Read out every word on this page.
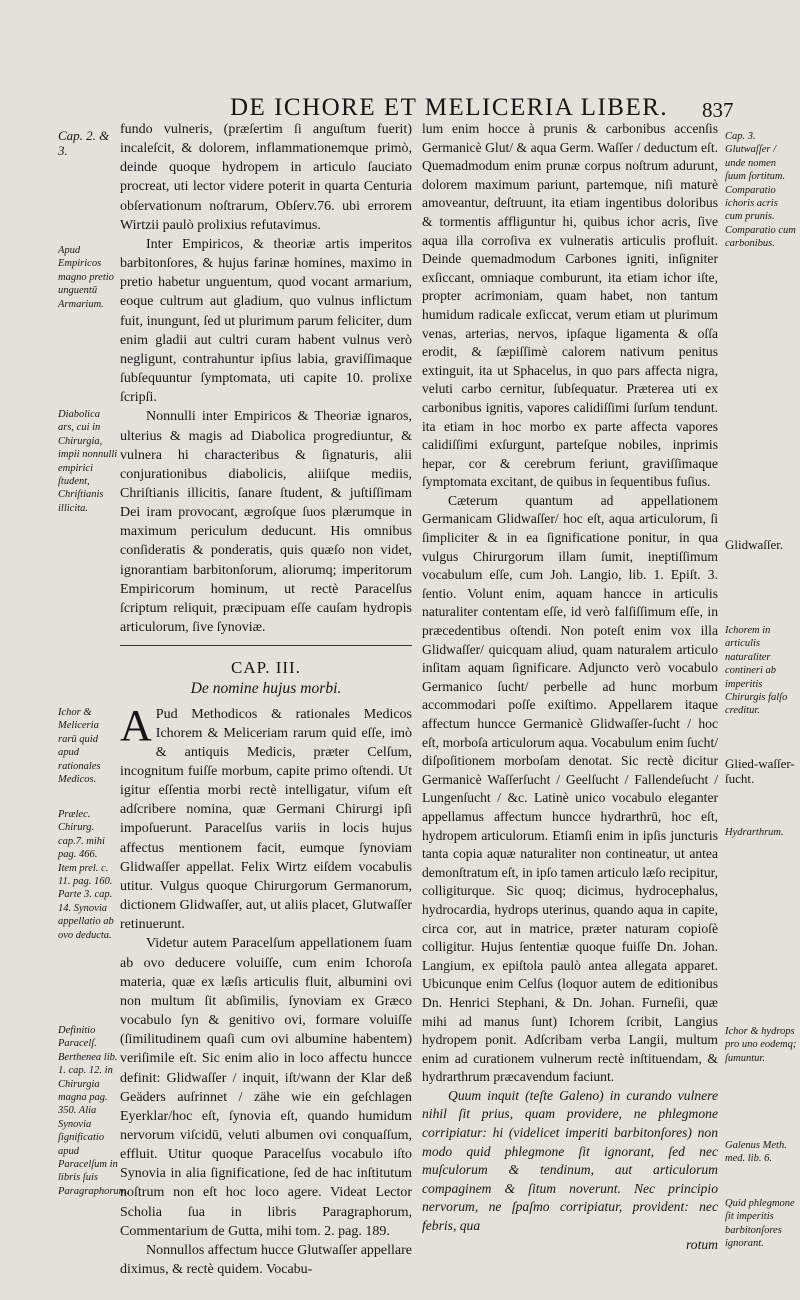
DE ICHORE ET MELICERIA LIBER. 837

fundo vulneris, (præſertim ſi anguſtum fuerit) incaleſcit, & dolorem, inflammationemque primò, deinde quoque hydropem in articulo ſauciato procreat, uti lector videre poterit in quarta Centuria obſervationum noſtrarum, Obſerv.76. ubi errorem Wirtzii paulò prolixius refutavimus.

Inter Empiricos, & theoriæ artis imperitos barbitonſores, & hujus farinæ homines, maximo in pretio habetur unguentum, quod vocant armarium, eoque cultrum aut gladium, quo vulnus inflictum fuit, inungunt, ſed ut plurimum parum feliciter, dum enim gladii aut cultri curam habent vulnus verò negligunt, contrahuntur ipſius labia, graviſſimaque ſubſequuntur ſymptomata, uti capite 10. prolixe ſcripſi.

Nonnulli inter Empiricos & Theoriæ ignaros, ulterius & magis ad Diabolica progrediuntur, & vulnera hi characteribus & ſignaturis, alii conjurationibus diabolicis, aliiſque mediis, Chriſtianis illicitis, ſanare ſtudent, & juſtiſſimam Dei iram provocant, ægroſque ſuos plærumque in maximum periculum deducunt. His omnibus conſideratis & ponderatis, quis quæſo non videt, ignorantiam barbitonſorum, aliorumq; imperitorum Empiricorum hominum, ut rectè Paracelſus ſcriptum reliquit, præcipuam eſſe cauſam hydropis articulorum, ſive ſynoviæ.

CAP. III.
De nomine hujus morbi.

A Pud Methodicos & rationales Medicos Ichorem & Meliceriam rarum quid eſſe, imò & antiquis Medicis, præter Celſum, incognitum fuiſſe morbum, capite primo oſtendi. Ut igitur eſſentia morbi rectè intelligatur, viſum eſt adſcribere nomina, quæ Germani Chirurgi ipſi impoſuerunt. Paracelſus variis in locis hujus affectus mentionem facit, eumque ſynoviam Glidwaſſer appellat. Felix Wirtz eiſdem vocabulis utitur. Vulgus quoque Chirurgorum Germanorum, dictionem Glidwaſſer, aut, ut aliis placet, Glutwaſſer retinuerunt.

Videtur autem Paracelſum appellationem ſuam ab ovo deducere voluiſſe, cum enim Ichoroſa materia, quæ ex læſis articulis fluit, albumini ovi non multum ſit abſimilis, ſynoviam ex Græco vocabulo ſyn & genitivo ovi, formare voluiſſe (ſimilitudinem quaſi cum ovi albumine habentem) veriſimile eſt. Sic enim alio in loco affectu huncce definit: Glidwaſſer / inquit, iſt/wann der Klar deß Geäders auſrinnet / zähe wie ein geſchlagen Eyerklar/hoc eſt, ſynovia eſt, quando humidum nervorum viſcidū, veluti albumen ovi conquaſſum, effluit. Utitur quoque Paracelſus vocabulo iſto Synovia in alia ſignificatione, ſed de hac inſtitutum noſtrum non eſt hoc loco agere. Videat Lector Scholia ſua in libris Paragraphorum, Commentarium de Gutta, mihi tom. 2. pag. 189.

Nonnullos affectum hucce Glutwaſſer appellare diximus, & rectè quidem. Vocabu-

lum enim hocce à prunis & carbonibus accenſis Germanicè Glut/ & aqua Germ. Waſſer / deductum eſt. Quemadmodum enim prunæ corpus noſtrum adurunt, dolorem maximum pariunt, partemque, niſi maturè amoveantur, deſtruunt, ita etiam ingentibus doloribus & tormentis affliguntur hi, quibus ichor acris, ſive aqua illa corroſiva ex vulneratis articulis profluit. Deinde quemadmodum Carbones igniti, inſigniter exſiccant, omniaque comburunt, ita etiam ichor iſte, propter acrimoniam, quam habet, non tantum humidum radicale exſiccat, verum etiam ut plurimum venas, arterias, nervos, ipſaque ligamenta & oſſa erodit, & ſæpiſſimè calorem nativum penitus extinguit, ita ut Sphacelus, in quo pars affecta nigra, veluti carbo cernitur, ſubſequatur. Præterea uti ex carbonibus ignitis, vapores calidiſſimi ſurſum tendunt. ita etiam in hoc morbo ex parte affecta vapores calidiſſimi exſurgunt, parteſque nobiles, inprimis hepar, cor & cerebrum feriunt, graviſſimaque ſymptomata excitant, de quibus in ſequentibus fuſius.

Cæterum quantum ad appellationem Germanicam Glidwaſſer/ hoc eſt, aqua articulorum, ſi ſimpliciter & in ea ſignificatione ponitur, in qua vulgus Chirurgorum illam ſumit, ineptiſſimum vocabulum eſſe, cum Joh. Langio, lib. 1. Epiſt. 3. ſentio. Volunt enim, aquam hancce in articulis naturaliter contentam eſſe, id verò falſiſſimum eſſe, in præcedentibus oſtendi. Non poteſt enim vox illa Glidwaſſer/ quicquam aliud, quam naturalem articulo inſitam aquam ſignificare. Adjuncto verò vocabulo Germanico ſucht/ perbelle ad hunc morbum accommodari poſſe exiſtimo. Appellarem itaque affectum huncce Germanicè Glidwaſſer-ſucht / hoc eſt, morboſa articulorum aqua. Vocabulum enim ſucht/ diſpoſitionem morboſam denotat. Sic rectè dicitur Germanicè Waſſerſucht / Geelſucht / Fallendeſucht / Lungenſucht / &c. Latinè unico vocabulo eleganter appellamus affectum huncce hydrarthrū, hoc eſt, hydropem articulorum. Etiamſi enim in ipſis juncturis tanta copia aquæ naturaliter non contineatur, ut antea demonſtratum eſt, in ipſo tamen articulo læſo recipitur, colligiturque. Sic quoq; dicimus, hydrocephalus, hydrocardia, hydrops uterinus, quando aqua in capite, circa cor, aut in matrice, præter naturam copioſè colligitur. Hujus ſententiæ quoque fuiſſe Dn. Johan. Langium, ex epiſtola paulò antea allegata apparet. Ubicunque enim Celſus (loquor autem de editionibus Dn. Henrici Stephani, & Dn. Johan. Furneſii, quæ mihi ad manus ſunt) Ichorem ſcribit, Langius hydropem ponit. Adſcribam verba Langii, multum enim ad curationem vulnerum rectè inſtituendam, & hydrarthrum præcavendum faciunt.

Quum inquit (teſte Galeno) in curando vulnere nihil ſit prius, quam providere, ne phlegmone corripiatur: hi (videlicet imperiti barbitonſores) non modo quid phlegmone ſit ignorant, ſed nec muſculorum & tendinum, aut articulorum compaginem & ſitum noverunt. Nec principio nervorum, ne ſpaſmo corripiatur, provident: nec febris, qua

rotum
Cap. 2. & 3.
Apud Empiricos magno pretio unguentū Armarium.
Diabolica ars, cui in Chirurgia, impii nonnulli empirici ſtudent, Chriſtianis illicita.
Ichor & Meliceria rarū quid apud rationales Medicos.
Prælec. Chirurg. cap.7. mihi pag. 466. Item prel. c. 11. pag. 160. Parte 3. cap. 14. Synovia appellatio ab ovo deducta.
Definitio Paracelſ. Berthenea lib. 1. cap. 12. in Chirurgia magna pag. 350. Alia Synovia ſignificatio apud Paracelſum in libris ſuis Paragraphorum.
Cap. 3. Glutwaſſer / unde nomen ſuum ſortitum. Comparatio ichoris acris cum prunis. Comparatio cum carbonibus.
Glidwaſſer.
Ichorem in articulis naturaliter contineri ab imperitis Chirurgis falſo creditur.
Glied-waſſer-ſucht.
Hydrarthrum.
Ichor & hydrops pro uno eodemq; ſumuntur.
Galenus Meth. med. lib. 6.
Quid phlegmone ſit imperitis barbitonſores ignorant.
